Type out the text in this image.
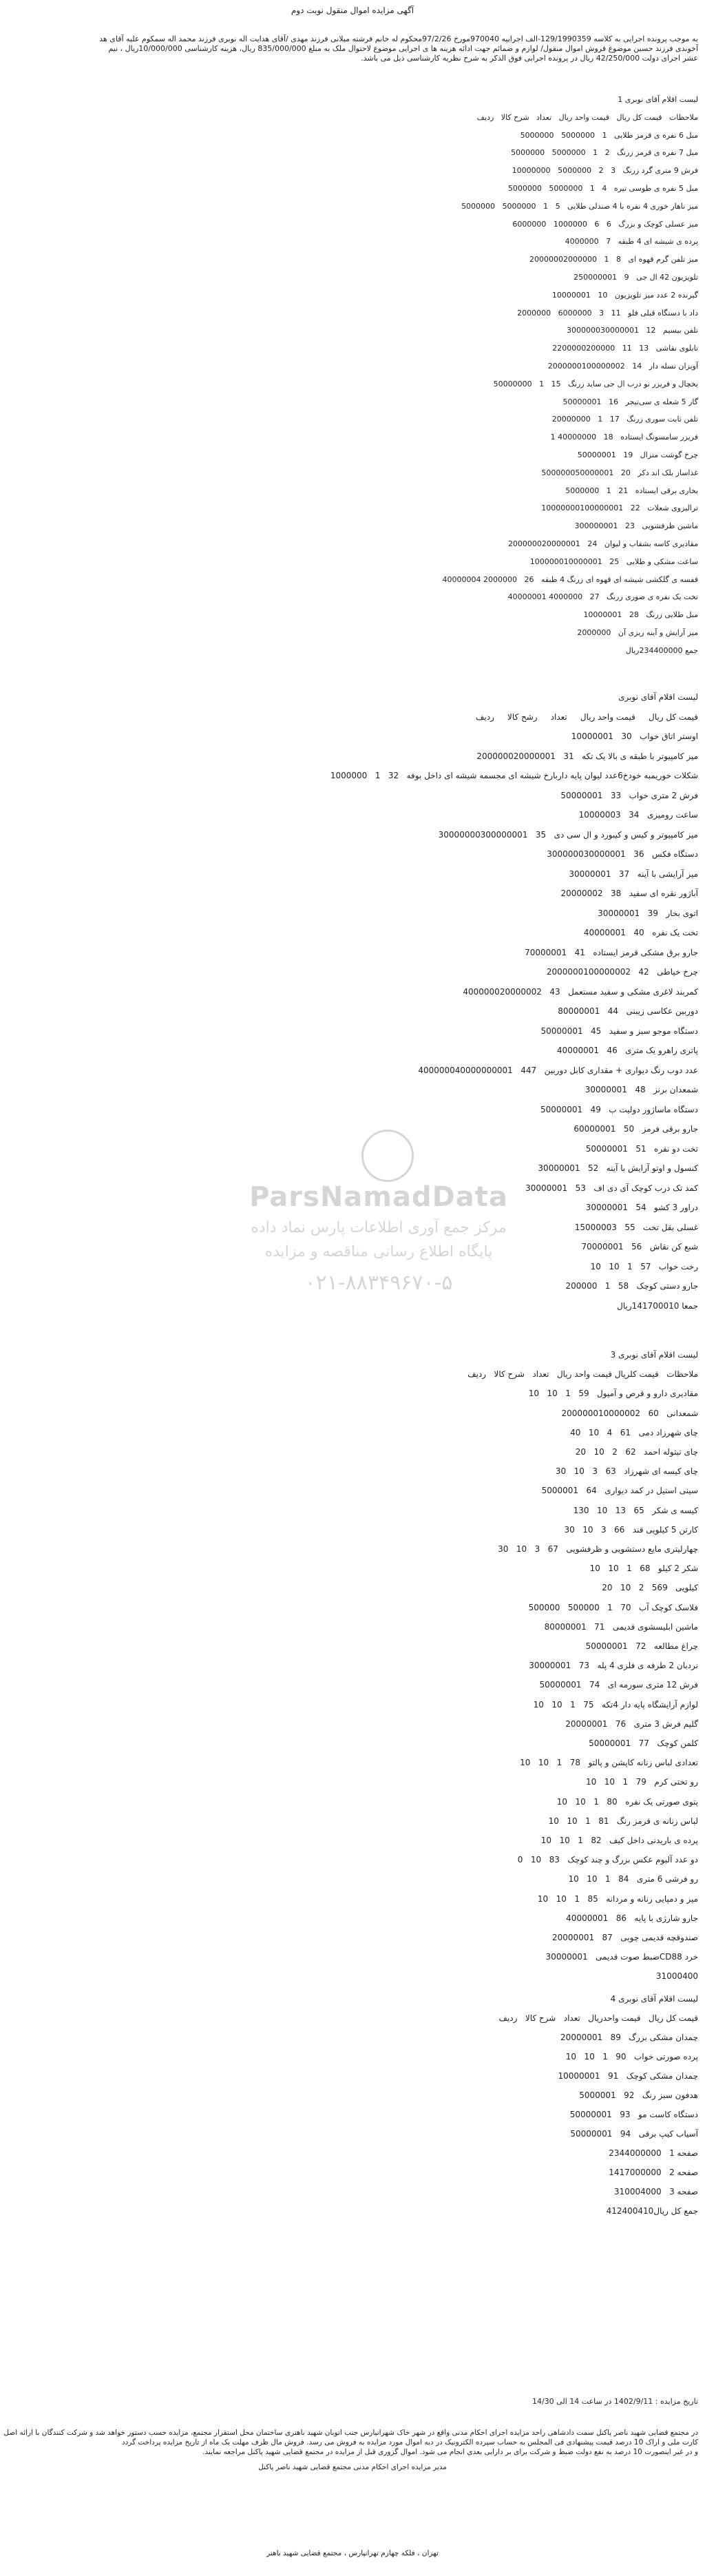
آگهی مزایده اموال منقول نوبت دوم
به موجب پرونده اجرایی به کلاسه 129/1990359-الف اجراییه 970040مورخ 97/2/26محکوم له خانم فرشته میلانی فرزند مهدی /آقای هدایت اله نوبری فرزند محمد اله سمکوم علیه آقای هد
آخوندی فرزند حسین موضوع فروش اموال منقول/ لوازم و ضمائم جهت ادائه هزینه ها ی اجرایی موضوع لاحتوال ملک به مبلغ 835/000/000 ریال، هزینه کارشناسی 10/000/000ریال ، نیم
عشر اجرای دولت 42/250/000 ریال در پرونده اجرایی فوق الذکر به شرح نظریه کارشناسی ذیل می باشد.
لیست اقلام آقای نوبری 1
ملاحظات   قیمت کل ریال   قیمت واحد ریال   تعداد   شرح کالا   ردیف
مبل 6 نفره ی قرمز طلایی   1   5000000   5000000
مبل 7 نفره ی قرمز زرنگ   2   1   5000000   5000000
فرش 9 متری گرد زرنگ   3   2   5000000   10000000
مبل 5 نفره ی طوسی تیره   4   1   5000000   5000000
میز ناهار خوری 4 نفره با 4 صندلی طلایی   5   1   5000000   5000000
میز عسلی کوچک و بزرگ   6   6   1000000   6000000
پرده ی شیشه ای 4 طبقه   7   4000000
میز تلفن گرم قهوه ای   8   1   20000002000000
تلویزیون 42 ال جی   9   250000001
گیرنده 2 عدد میز تلویزیون   10   10000001
داد با دستگاه قبلی فلو   11   3   6000000   2000000
تلفن بیسیم   12   300000030000001
تابلوی نقاشی   13   11   2200000200000
آویزان نسله دار   14   2000000100000002
یخچال و فریزر نو درب ال جی ساید زرنگ   15   1   50000000
گاز 5 شعله ی سی‌تیجر   16   50000001
تلفن ثابت سوری زرنگ   17   1   20000000
فریزر سامسونگ ایستاده   18   40000000 1
چرخ گوشت متزال   19   50000001
غذاساز بلک اند دکر   20   500000050000001
بخاری برقی ایستاده   21   1   5000000
ترالیزوی شعلات   22   10000000100000001
ماشین ظرفشویی   23   300000001
مقادیری کاسه بشقاب و لیوان   24   200000020000001
ساعت مشکی و طلایی   25   100000010000001
قفسه ی گلکشی شیشه ای قهوه ای زرنگ 4 طبقه   26   2000000 40000004
تخت یک نفره ی صوری زرنگ   27   4000000 40000001
مبل طلایی زرنگ   28   10000001
میز آرایش و آینه ریزی آن   2000000
جمع 234400000ریال
لیست اقلام آقای نوبری
قیمت کل ریال     قیمت واحد ریال     تعداد     رشح کالا     ردیف
اوستر اتاق خواب   30   10000001
میز کامپیوتر با طبقه ی بالا یک تکه   31   200000020000001
شکلات خوریمبه خودخ6عدد لیوان پایه داربارخ شیشه ای مجسمه شیشه ای داخل بوفه   32   1   1000000
فرش 2 متری خواب   33   50000001
ساعت رومیزی   34   10000003
میز کامپیوتر و کیس و کیبورد و ال سی دی   35   30000000300000001
دستگاه فکس   36   300000030000001
میز آرایشی با آینه   37   30000001
آباژور نقره ای سفید   38   20000002
اتوی بخار   39   30000001
تخت یک نفره   40   40000001
جارو برق مشکی قرمز ایستاده   41   70000001
چرخ خیاطی   42   2000000100000002
کمربند لاغری مشکی و سفید مستعمل   43   400000020000002
دوربین عکاسی زیبنی   44   80000001
دستگاه موجو سبز و سفید   45   50000001
پاتری راهرو یک متری   46   40000001
عدد دوب رنگ دیواری + مقداری کابل دوربین   447   400000040000000001
شمعدان برنز   48   30000001
دستگاه ماساژور دولیت ب   49   50000001
جارو برقی فرمز   50   60000001
تخت دو نفره   51   50000001
کنسول و اوتو آرایش با آینه   52   30000001
کمد تک درب کوچک آی دی اف   53   30000001
دراور 3 کشو   54   30000001
غسلی بقل تخت   55   15000003
شبع کن نقاش   56   70000001
رخت خواب   57   1   10   10
جارو دستی کوچک   58   1   200000
جمعا 141700010ریال
لیست اقلام آقای نوبری 3
ملاحظات   قیمت کلریال قیمت واحد ریال   تعداد   شرح کالا   ردیف
مقادیری دارو و قرص و آمپول   59   1   10   10
شمعدانی   60   200000010000002
چای شهرزاد دمی   61   4   10   40
چای تیتوله احمد   62   2   10   20
چای کیسه ای شهرزاد   63   3   10   30
سینی استیل در کمد دیواری   64   5000001
کیسه ی شکر   65   13   10   130
کارتن 5 کیلویی قند   66   3   10   30
چهارلیتری مایع دستشویی و ظرفشویی   67   3   10   30
شکر 2 کیلو   68   1   10   10
کیلویی   569   2   10   20
فلاسک کوچک آب   70   1   500000   500000
ماشین ابلیسشوی قدیمی   71   80000001
چراغ مطالعه   72   50000001
نردبان 2 طرفه ی فلزی 4 پله   73   30000001
فرش 12 متری سورمه ای   74   50000001
لوازم آرایشگاه پایه دار 4تکه   75   1   10   10
گلیم فرش 3 متری   76   20000001
کلمن کوچک   77   50000001
تعدادی لباس زنانه کاپشن و پالتو   78   1   10   10
رو تختی کرم   79   1   10   10
پتوی صورتی یک نفره   80   1   10   10
لباس زنانه ی قرمز رنگ   81   1   10   10
پرده ی باریدنی داخل کیف   82   1   10   10
دو عدد آلبوم عکس بزرگ و چند کوچک   83   10   0
رو فرشی 6 متری   84   1   10   10
میز و دمپایی زنانه و مردانه   85   1   10   10
جارو شارژی با پایه   86   40000001
صندوقچه قدیمی چوبی   87   20000001
خرد CD88ضبط صوت قدیمی   30000001
31000400
لیست اقلام آقای نوبری 4
قیمت کل ریال   قیمت واحدریال   تعداد   شرح کالا   ردیف
چمدان مشکی بزرگ   89   20000001
پرده صورتی خواب   90   1   10   10
چمدان مشکی کوچک   91   10000001
هدفون سبز رنگ   92   5000001
دستگاه کاست مو   93   50000001
آسیاب کیپ برقی   94   50000001
صفحه 1   2344000000
صفحه 2   1417000000
صفحه 3   310004000
جمع کل ریال412400410
تاریخ مزایده : 1402/9/11 در ساعت 14 الی 14/30
در مجتمع قضایی شهید ناصر پاکنل سمت دادشاهی راحد مزایده اجرای احکام مدنی واقع در شهر خاک شهرانیارس جنب اتوبان شهید باهنری ساختمان محل استقرار مجتمع، مزایده حسب دستور خواهد شد و شرکت کنندگان با ارائه اصل
کارت ملی و اراک 10 درصد قیمت پیشنهادی فی المجلس به حساب سپرده الکترونیک در دیه اموال مورد مزایده به فروش می رسد. فروش مال ظرف مهلت یک ماه از تاریخ مزایده پرداخت گردد
و در غیر اینصورت 10 درصد به نفع دولت ضبط و شرکت برای بر دارایی بعدی انجام می شود. اموال گزوری قبل از مزایده در مجتمع قضایی شهید پاکنل مراجعه نمایند.
مدیر مزایده اجرای احکام مدنی مجتمع قضایی شهید ناصر پاکنل
تهران ، فلکه چهارم تهرانپارس ، مجتمع قضایی شهید باهنر
ParsNamadData
مرکز جمع آوری اطلاعات پارس نماد داده
پایگاه اطلاع رسانی مناقصه و مزایده
۰۲۱-۸۸۳۴۹۶۷۰-۵
